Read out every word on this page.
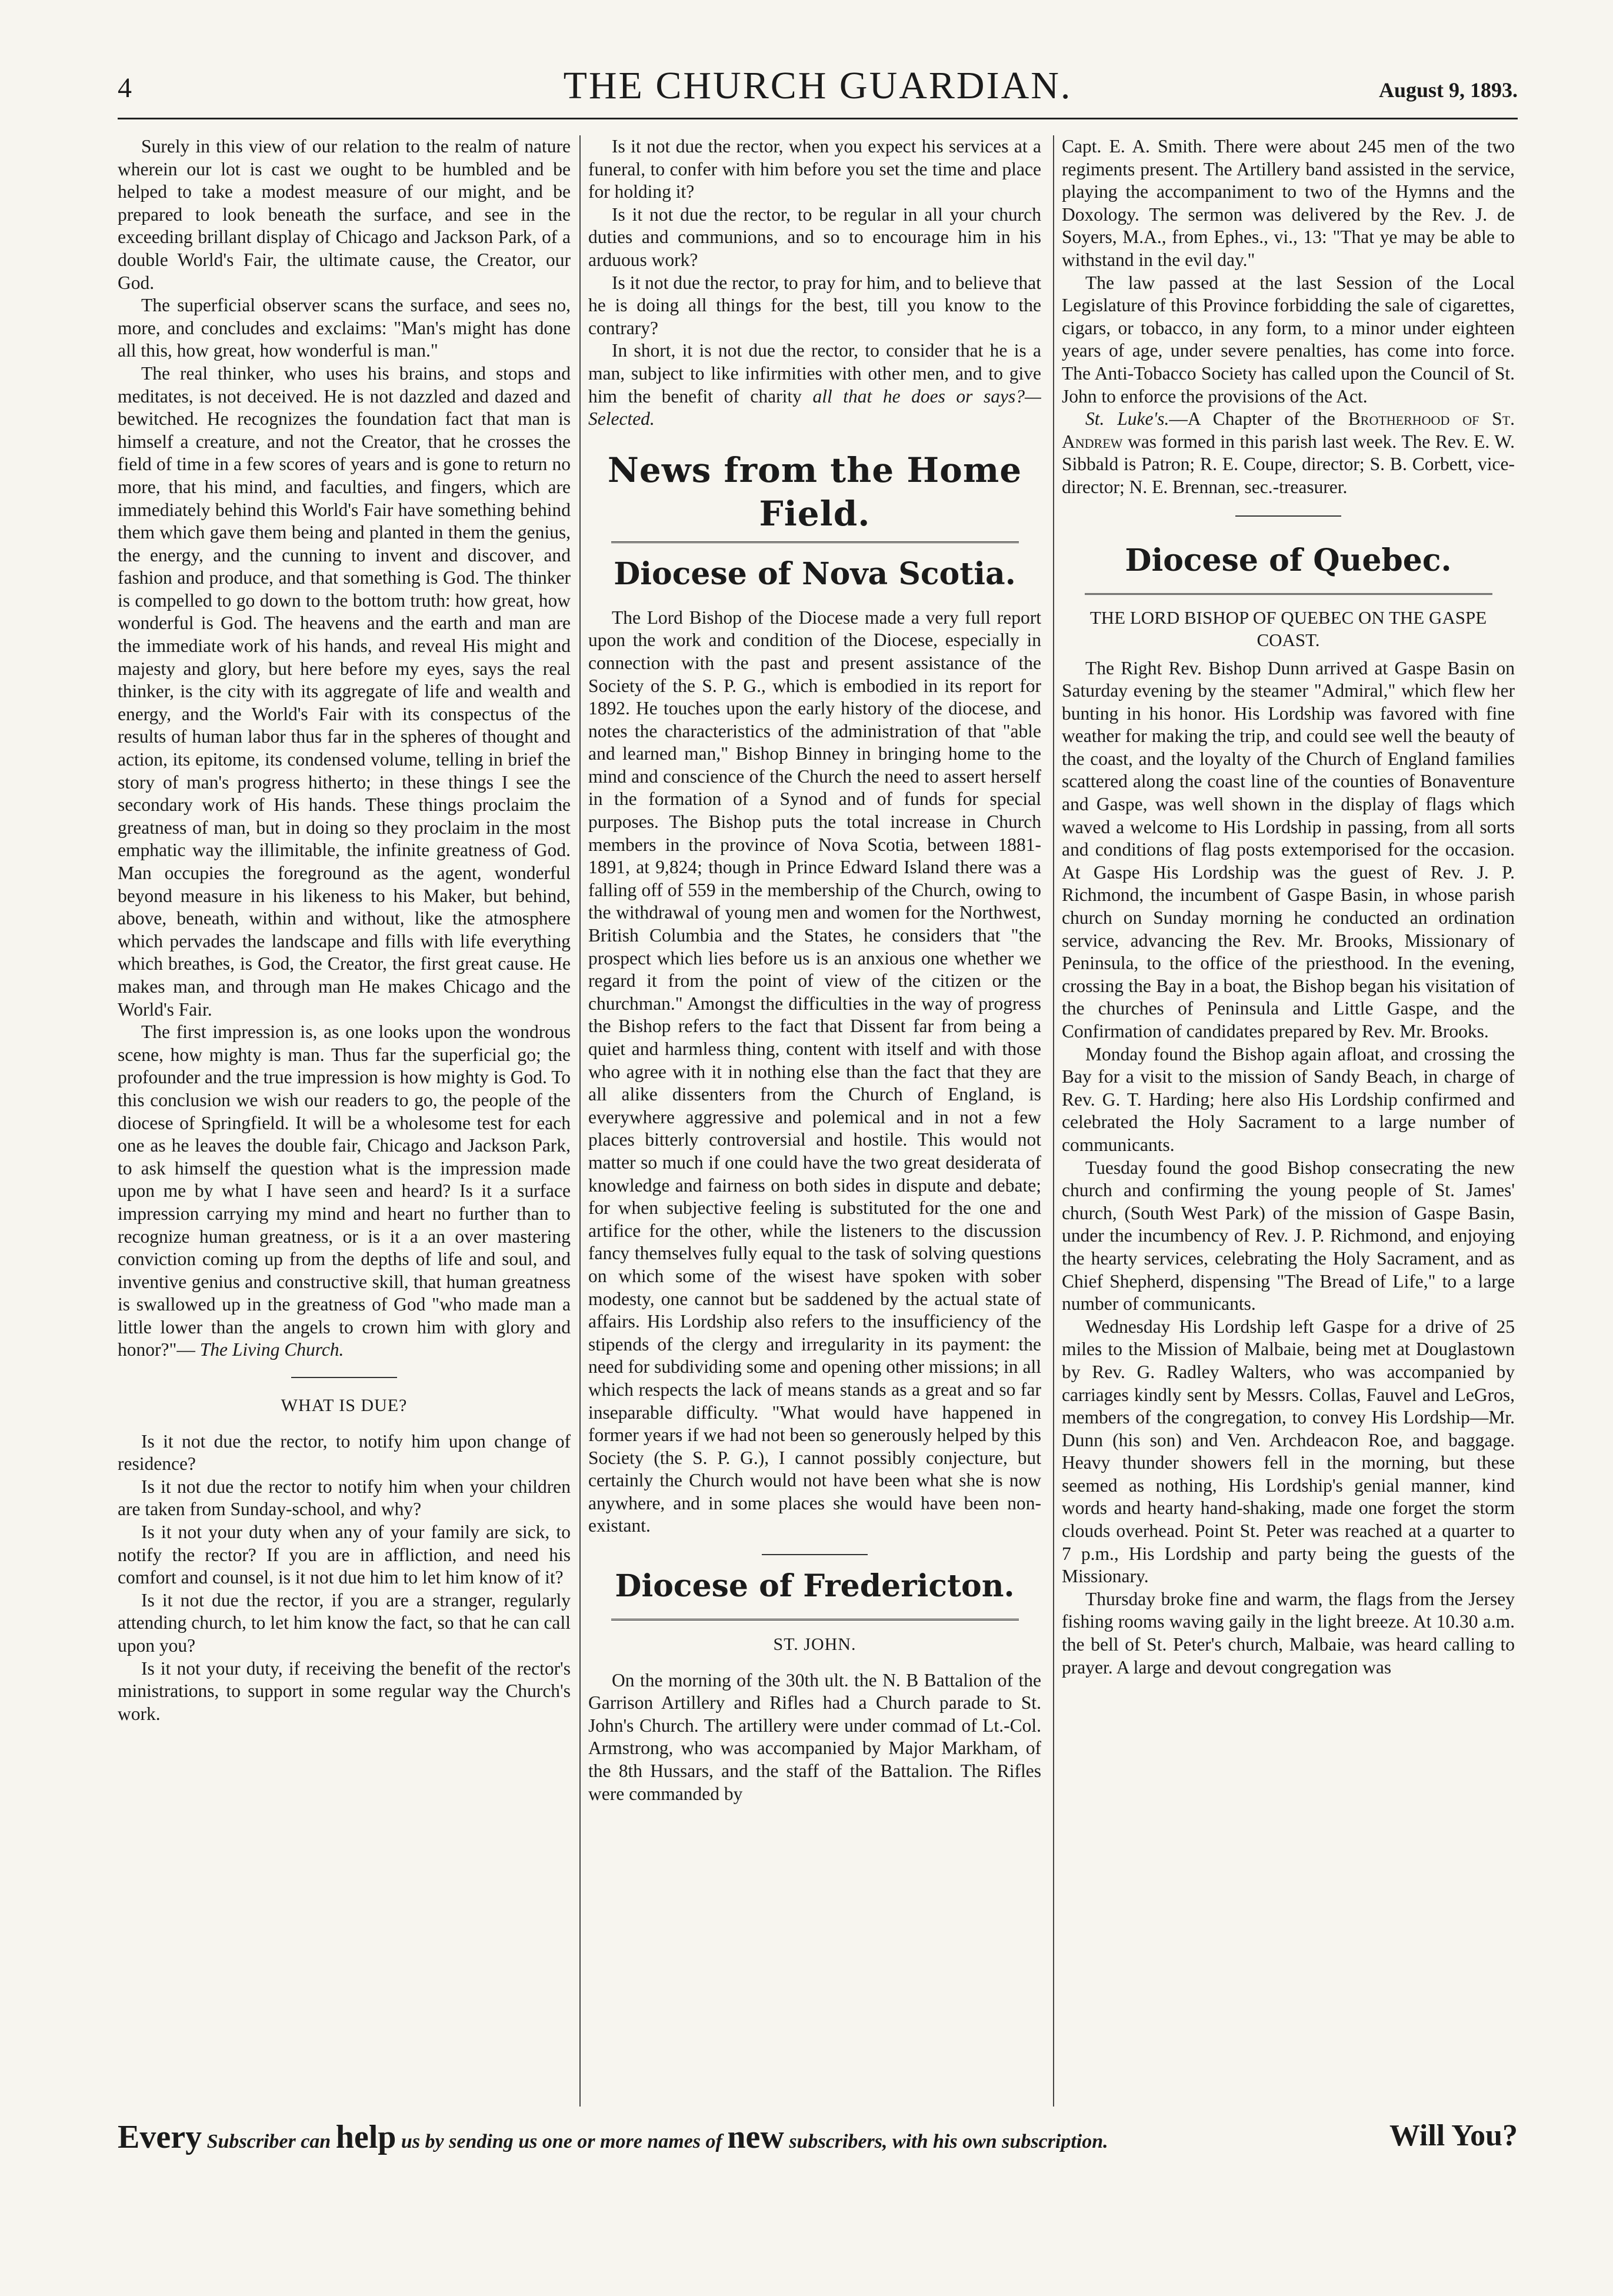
4	THE CHURCH GUARDIAN.	August 9, 1893.

Surely in this view of our relation to the realm of nature wherein our lot is cast we ought to be humbled and be helped to take a modest measure of our might, and be prepared to look beneath the surface, and see in the exceeding brillant display of Chicago and Jackson Park, of a double World's Fair, the ultimate cause, the Creator, our God.

The superficial observer scans the surface, and sees no, more, and concludes and exclaims: "Man's might has done all this, how great, how wonderful is man."

The real thinker, who uses his brains, and stops and meditates, is not deceived. He is not dazzled and dazed and bewitched. He recognizes the foundation fact that man is himself a creature, and not the Creator, that he crosses the field of time in a few scores of years and is gone to return no more, that his mind, and faculties, and fingers, which are immediately behind this World's Fair have something behind them which gave them being and planted in them the genius, the energy, and the cunning to invent and discover, and fashion and produce, and that something is God. The thinker is compelled to go down to the bottom truth: how great, how wonderful is God. The heavens and the earth and man are the immediate work of his hands, and reveal His might and majesty and glory, but here before my eyes, says the real thinker, is the city with its aggregate of life and wealth and energy, and the World's Fair with its conspectus of the results of human labor thus far in the spheres of thought and action, its epitome, its condensed volume, telling in brief the story of man's progress hitherto; in these things I see the secondary work of His hands. These things proclaim the greatness of man, but in doing so they proclaim in the most emphatic way the illimitable, the infinite greatness of God. Man occupies the foreground as the agent, wonderful beyond measure in his likeness to his Maker, but behind, above, beneath, within and without, like the atmosphere which pervades the landscape and fills with life everything which breathes, is God, the Creator, the first great cause. He makes man, and through man He makes Chicago and the World's Fair.

The first impression is, as one looks upon the wondrous scene, how mighty is man. Thus far the superficial go; the profounder and the true impression is how mighty is God. To this conclusion we wish our readers to go, the people of the diocese of Springfield. It will be a wholesome test for each one as he leaves the double fair, Chicago and Jackson Park, to ask himself the question what is the impression made upon me by what I have seen and heard? Is it a surface impression carrying my mind and heart no further than to recognize human greatness, or is it a an over mastering conviction coming up from the depths of life and soul, and inventive genius and constructive skill, that human greatness is swallowed up in the greatness of God "who made man a little lower than the angels to crown him with glory and honor?"— The Living Church.

WHAT IS DUE?

Is it not due the rector, to notify him upon change of residence?

Is it not due the rector to notify him when your children are taken from Sunday-school, and why?

Is it not your duty when any of your family are sick, to notify the rector? If you are in affliction, and need his comfort and counsel, is it not due him to let him know of it?

Is it not due the rector, if you are a stranger, regularly attending church, to let him know the fact, so that he can call upon you?

Is it not your duty, if receiving the benefit of the rector's ministrations, to support in some regular way the Church's work.

Is it not due the rector, when you expect his services at a funeral, to confer with him before you set the time and place for holding it?

Is it not due the rector, to be regular in all your church duties and communions, and so to encourage him in his arduous work?

Is it not due the rector, to pray for him, and to believe that he is doing all things for the best, till you know to the contrary?

In short, it is not due the rector, to consider that he is a man, subject to like infirmities with other men, and to give him the benefit of charity all that he does or says?—Selected.

News from the Home Field.
Diocese of Nova Scotia.

The Lord Bishop of the Diocese made a very full report upon the work and condition of the Diocese, especially in connection with the past and present assistance of the Society of the S. P. G., which is embodied in its report for 1892. He touches upon the early history of the diocese, and notes the characteristics of the administration of that "able and learned man," Bishop Binney in bringing home to the mind and conscience of the Church the need to assert herself in the formation of a Synod and of funds for special purposes. The Bishop puts the total increase in Church members in the province of Nova Scotia, between 1881-1891, at 9,824; though in Prince Edward Island there was a falling off of 559 in the membership of the Church, owing to the withdrawal of young men and women for the Northwest, British Columbia and the States, he considers that "the prospect which lies before us is an anxious one whether we regard it from the point of view of the citizen or the churchman." Amongst the difficulties in the way of progress the Bishop refers to the fact that Dissent far from being a quiet and harmless thing, content with itself and with those who agree with it in nothing else than the fact that they are all alike dissenters from the Church of England, is everywhere aggressive and polemical and in not a few places bitterly controversial and hostile. This would not matter so much if one could have the two great desiderata of knowledge and fairness on both sides in dispute and debate; for when subjective feeling is substituted for the one and artifice for the other, while the listeners to the discussion fancy themselves fully equal to the task of solving questions on which some of the wisest have spoken with sober modesty, one cannot but be saddened by the actual state of affairs. His Lordship also refers to the insufficiency of the stipends of the clergy and irregularity in its payment: the need for subdividing some and opening other missions; in all which respects the lack of means stands as a great and so far inseparable difficulty. "What would have happened in former years if we had not been so generously helped by this Society (the S. P. G.), I cannot possibly conjecture, but certainly the Church would not have been what she is now anywhere, and in some places she would have been non-existant.

Diocese of Fredericton.
ST. JOHN.

On the morning of the 30th ult. the N. B Battalion of the Garrison Artillery and Rifles had a Church parade to St. John's Church. The artillery were under commad of Lt.-Col. Armstrong, who was accompanied by Major Markham, of the 8th Hussars, and the staff of the Battalion. The Rifles were commanded by

Capt. E. A. Smith. There were about 245 men of the two regiments present. The Artillery band assisted in the service, playing the accompaniment to two of the Hymns and the Doxology. The sermon was delivered by the Rev. J. de Soyers, M.A., from Ephes., vi., 13: "That ye may be able to withstand in the evil day."

The law passed at the last Session of the Local Legislature of this Province forbidding the sale of cigarettes, cigars, or tobacco, in any form, to a minor under eighteen years of age, under severe penalties, has come into force. The Anti-Tobacco Society has called upon the Council of St. John to enforce the provisions of the Act.

St. Luke's.—A Chapter of the Brotherhood of St. Andrew was formed in this parish last week. The Rev. E. W. Sibbald is Patron; R. E. Coupe, director; S. B. Corbett, vice-director; N. E. Brennan, sec.-treasurer.

Diocese of Quebec.
THE LORD BISHOP OF QUEBEC ON THE GASPE COAST.

The Right Rev. Bishop Dunn arrived at Gaspe Basin on Saturday evening by the steamer "Admiral," which flew her bunting in his honor. His Lordship was favored with fine weather for making the trip, and could see well the beauty of the coast, and the loyalty of the Church of England families scattered along the coast line of the counties of Bonaventure and Gaspe, was well shown in the display of flags which waved a welcome to His Lordship in passing, from all sorts and conditions of flag posts extemporised for the occasion. At Gaspe His Lordship was the guest of Rev. J. P. Richmond, the incumbent of Gaspe Basin, in whose parish church on Sunday morning he conducted an ordination service, advancing the Rev. Mr. Brooks, Missionary of Peninsula, to the office of the priesthood. In the evening, crossing the Bay in a boat, the Bishop began his visitation of the churches of Peninsula and Little Gaspe, and the Confirmation of candidates prepared by Rev. Mr. Brooks.

Monday found the Bishop again afloat, and crossing the Bay for a visit to the mission of Sandy Beach, in charge of Rev. G. T. Harding; here also His Lordship confirmed and celebrated the Holy Sacrament to a large number of communicants.

Tuesday found the good Bishop consecrating the new church and confirming the young people of St. James' church, (South West Park) of the mission of Gaspe Basin, under the incumbency of Rev. J. P. Richmond, and enjoying the hearty services, celebrating the Holy Sacrament, and as Chief Shepherd, dispensing "The Bread of Life," to a large number of communicants.

Wednesday His Lordship left Gaspe for a drive of 25 miles to the Mission of Malbaie, being met at Douglastown by Rev. G. Radley Walters, who was accompanied by carriages kindly sent by Messrs. Collas, Fauvel and LeGros, members of the congregation, to convey His Lordship—Mr. Dunn (his son) and Ven. Archdeacon Roe, and baggage. Heavy thunder showers fell in the morning, but these seemed as nothing, His Lordship's genial manner, kind words and hearty hand-shaking, made one forget the storm clouds overhead. Point St. Peter was reached at a quarter to 7 p.m., His Lordship and party being the guests of the Missionary.

Thursday broke fine and warm, the flags from the Jersey fishing rooms waving gaily in the light breeze. At 10.30 a.m. the bell of St. Peter's church, Malbaie, was heard calling to prayer. A large and devout congregation was

Every Subscriber can help us by sending us one or more names of new subscribers, with his own subscription.	Will You?
